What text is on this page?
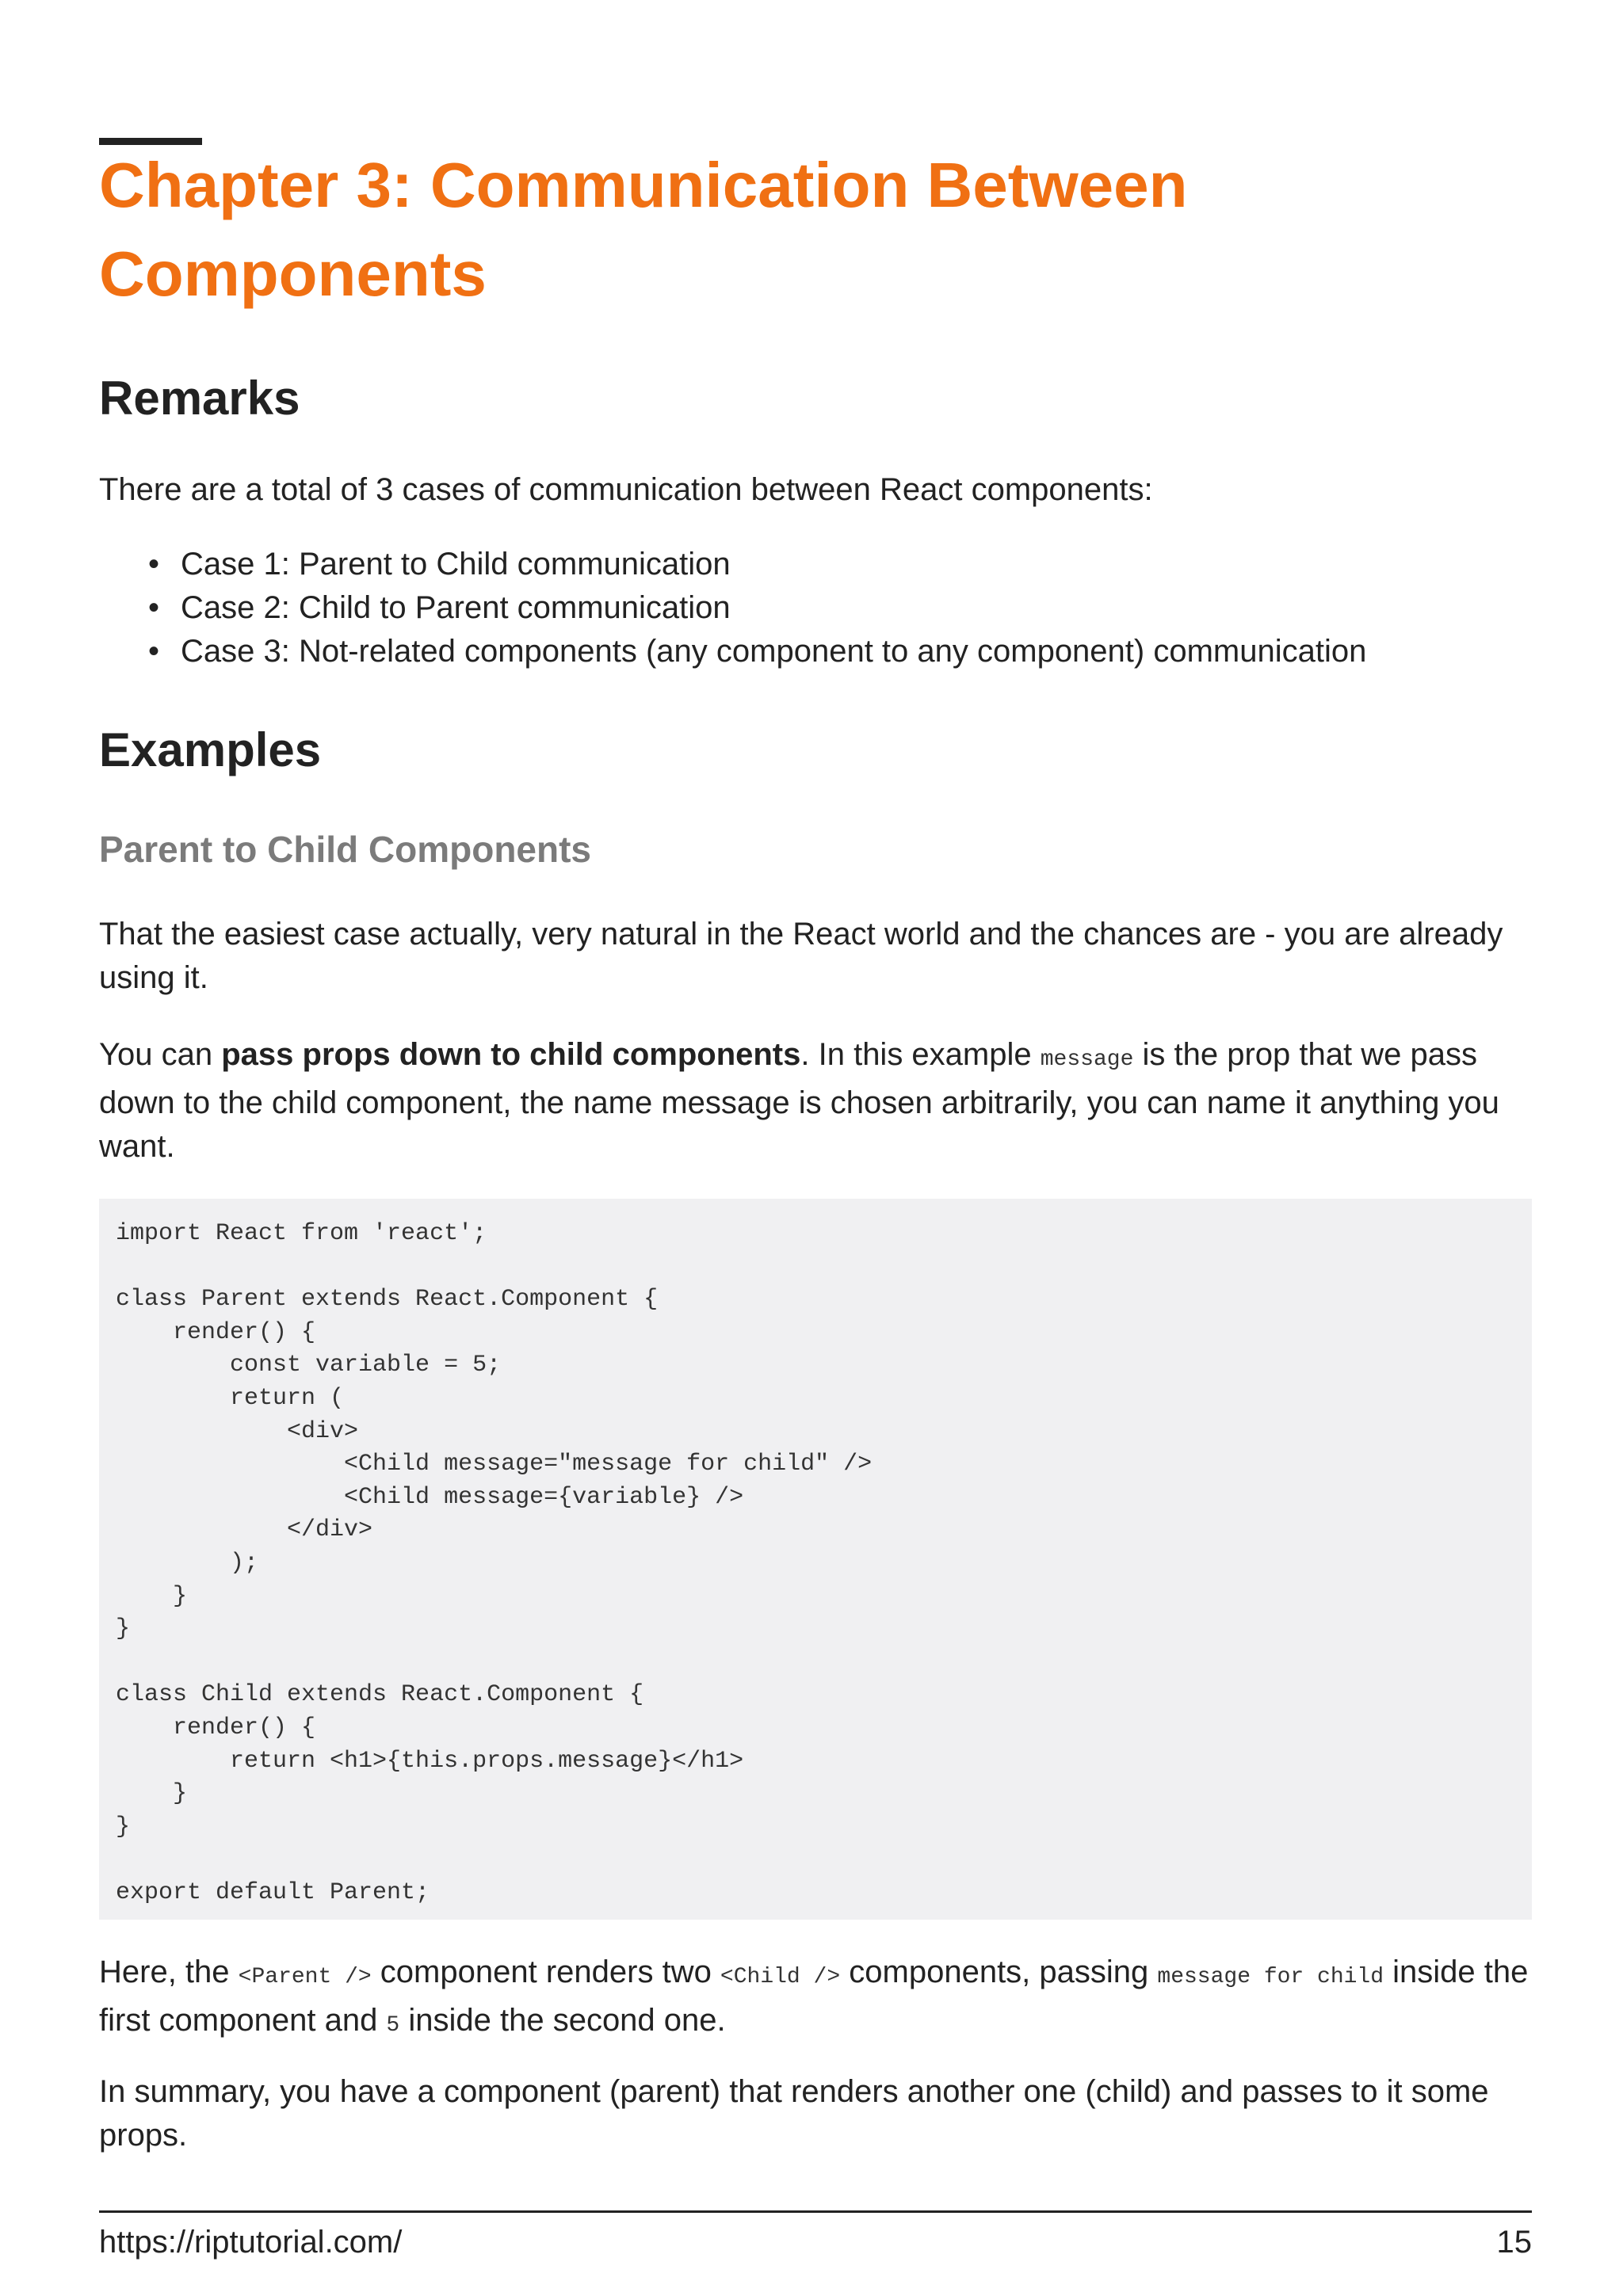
Chapter 3: Communication Between Components
Remarks

There are a total of 3 cases of communication between React components:

• Case 1: Parent to Child communication
• Case 2: Child to Parent communication
• Case 3: Not-related components (any component to any component) communication
Examples
Parent to Child Components

That the easiest case actually, very natural in the React world and the chances are - you are already using it.

You can pass props down to child components. In this example message is the prop that we pass down to the child component, the name message is chosen arbitrarily, you can name it anything you want.

import React from 'react';

class Parent extends React.Component {
render() {
const variable = 5;
return (
<div>
<Child message="message for child" />
<Child message={variable} />
</div>
);
}
}

class Child extends React.Component {
render() {
return <h1>{this.props.message}</h1>
}
}

export default Parent;

Here, the <Parent /> component renders two <Child /> components, passing message for child inside the first component and 5 inside the second one.

In summary, you have a component (parent) that renders another one (child) and passes to it some props.

https://riptutorial.com/	15
